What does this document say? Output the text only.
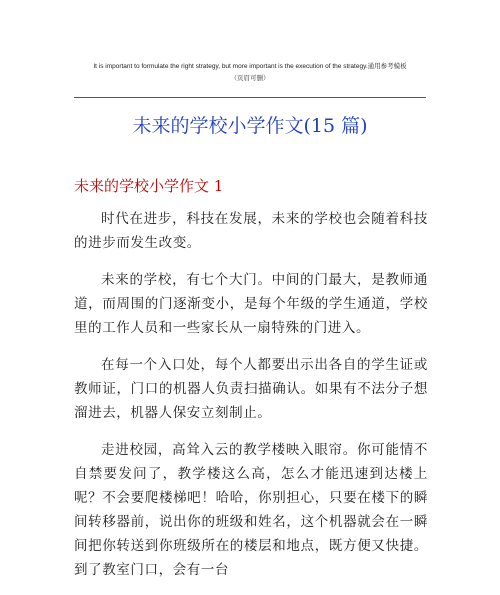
It is important to formulate the right strategy, but more important is the execution of the strategy.通用参考模板
（页眉可删）
未来的学校小学作文(15 篇)
未来的学校小学作文 1

时代在进步，科技在发展，未来的学校也会随着科技的进步而发生改变。

未来的学校，有七个大门。中间的门最大，是教师通道，而周围的门逐渐变小，是每个年级的学生通道，学校里的工作人员和一些家长从一扇特殊的门进入。

在每一个入口处，每个人都要出示出各自的学生证或教师证，门口的机器人负责扫描确认。如果有不法分子想溜进去，机器人保安立刻制止。

走进校园，高耸入云的教学楼映入眼帘。你可能情不自禁要发问了，教学楼这么高，怎么才能迅速到达楼上呢？不会要爬楼梯吧！哈哈，你别担心，只要在楼下的瞬间转移器前，说出你的班级和姓名，这个机器就会在一瞬间把你转送到你班级所在的楼层和地点，既方便又快捷。到了教室门口，会有一台
